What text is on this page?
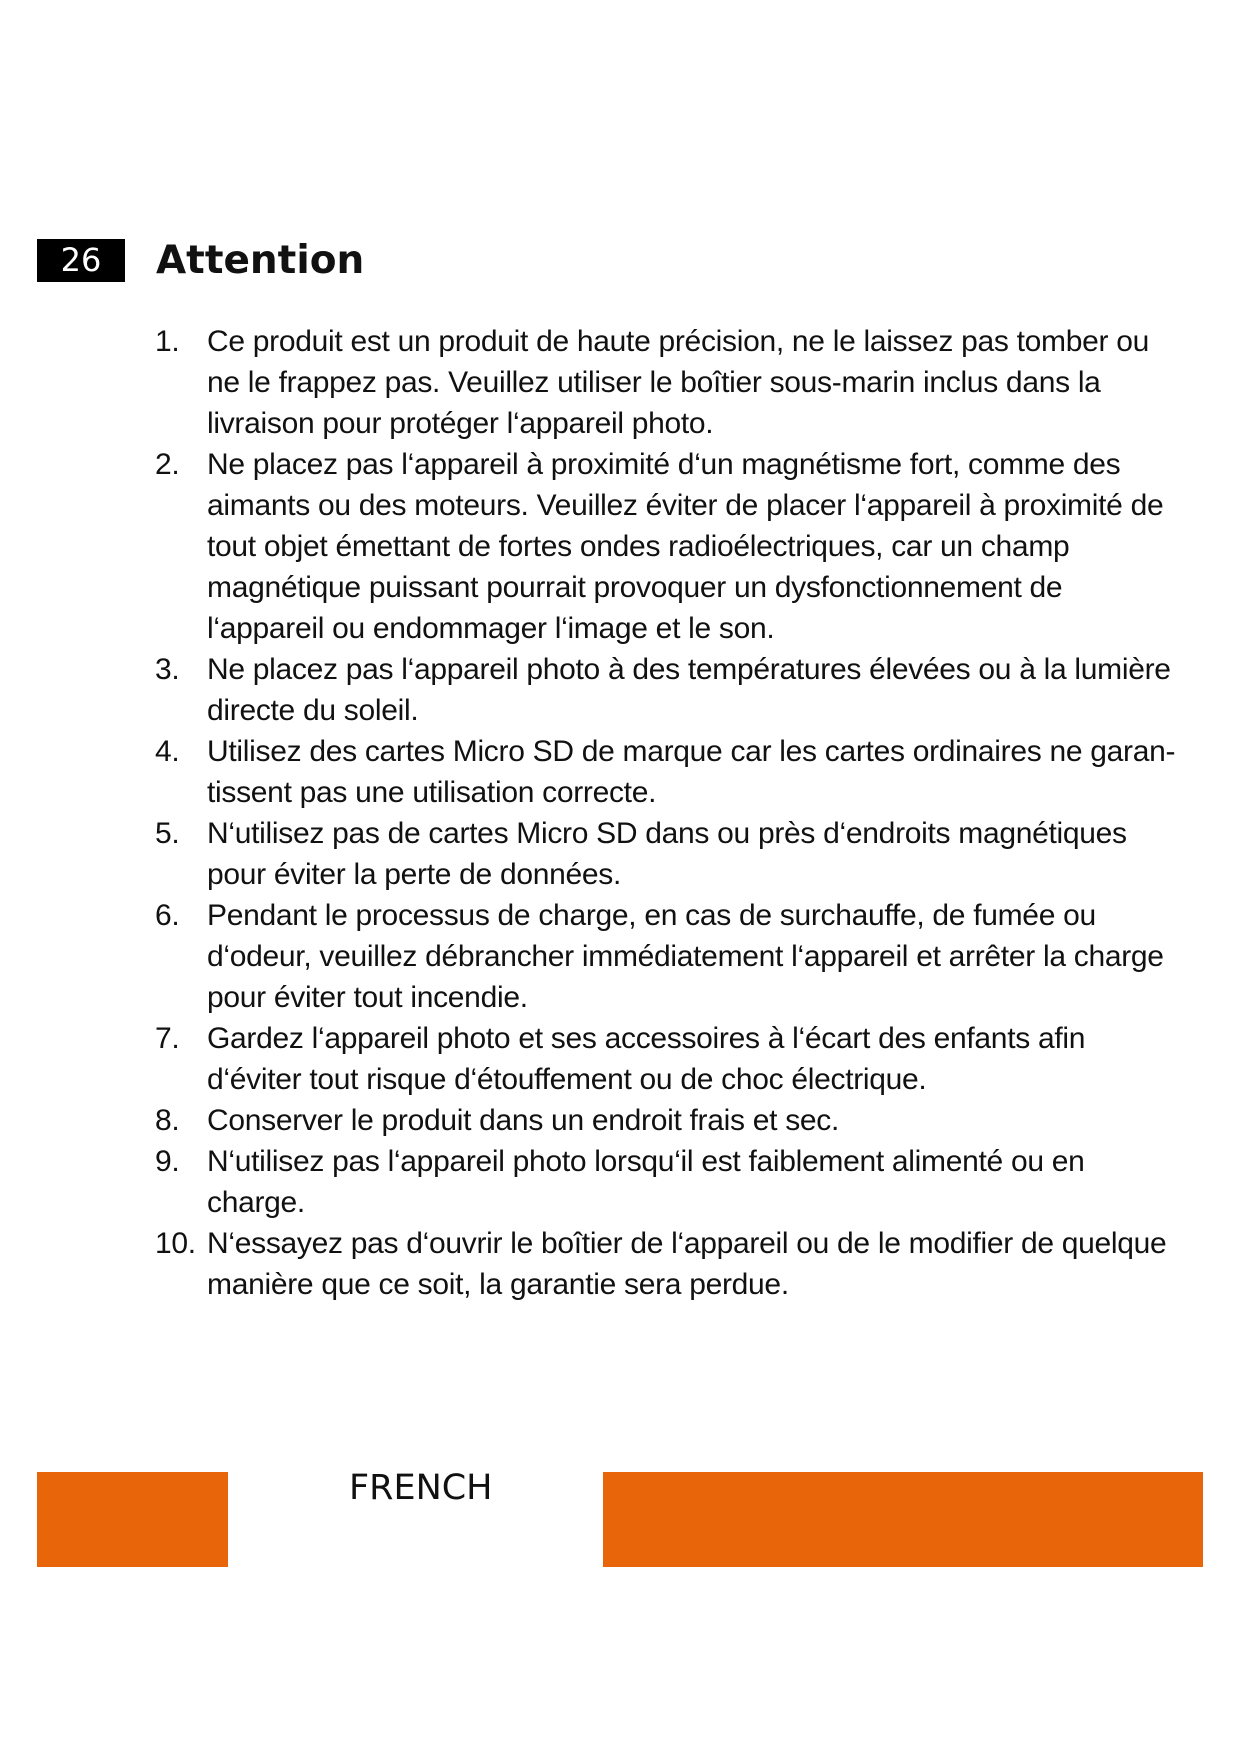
26	Attention
1. Ce produit est un produit de haute précision, ne le laissez pas tomber ou ne le frappez pas. Veuillez utiliser le boîtier sous-marin inclus dans la livraison pour protéger l‘appareil photo.
2. Ne placez pas l‘appareil à proximité d‘un magnétisme fort, comme des aimants ou des moteurs. Veuillez éviter de placer l‘appareil à proximité de tout objet émettant de fortes ondes radioélectriques, car un champ magnétique puissant pourrait provoquer un dysfonctionnement de l‘appareil ou endommager l‘image et le son.
3. Ne placez pas l‘appareil photo à des températures élevées ou à la lumière directe du soleil.
4. Utilisez des cartes Micro SD de marque car les cartes ordinaires ne garan-tissent pas une utilisation correcte.
5. N‘utilisez pas de cartes Micro SD dans ou près d‘endroits magnétiques pour éviter la perte de données.
6. Pendant le processus de charge, en cas de surchauffe, de fumée ou d‘odeur, veuillez débrancher immédiatement l‘appareil et arrêter la charge pour éviter tout incendie.
7. Gardez l‘appareil photo et ses accessoires à l‘écart des enfants afin d‘éviter tout risque d‘étouffement ou de choc électrique.
8. Conserver le produit dans un endroit frais et sec.
9. N‘utilisez pas l‘appareil photo lorsqu‘il est faiblement alimenté ou en charge.
10. N‘essayez pas d‘ouvrir le boîtier de l‘appareil ou de le modifier de quelque manière que ce soit, la garantie sera perdue.
FRENCH
